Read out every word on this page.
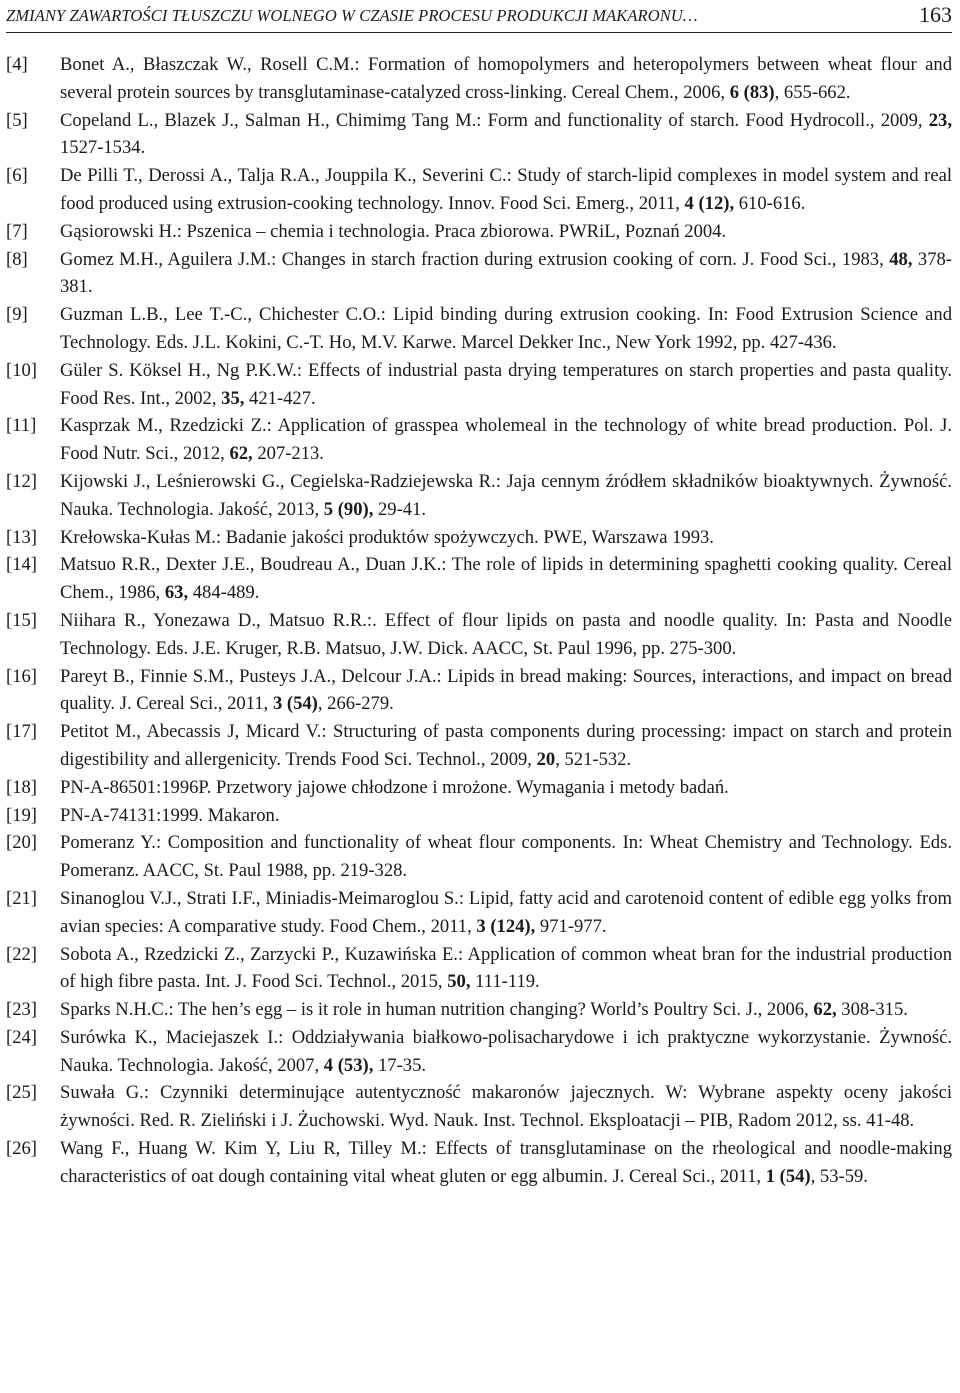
ZMIANY ZAWARTOŚCI TŁUSZCZU WOLNEGO W CZASIE PROCESU PRODUKCJI MAKARONU…	163
[4] Bonet A., Błaszczak W., Rosell C.M.: Formation of homopolymers and heteropolymers between wheat flour and several protein sources by transglutaminase-catalyzed cross-linking. Cereal Chem., 2006, 6 (83), 655-662.
[5] Copeland L., Blazek J., Salman H., Chimimg Tang M.: Form and functionality of starch. Food Hydrocoll., 2009, 23, 1527-1534.
[6] De Pilli T., Derossi A., Talja R.A., Jouppila K., Severini C.: Study of starch-lipid complexes in model system and real food produced using extrusion-cooking technology. Innov. Food Sci. Emerg., 2011, 4 (12), 610-616.
[7] Gąsiorowski H.: Pszenica – chemia i technologia. Praca zbiorowa. PWRiL, Poznań 2004.
[8] Gomez M.H., Aguilera J.M.: Changes in starch fraction during extrusion cooking of corn. J. Food Sci., 1983, 48, 378-381.
[9] Guzman L.B., Lee T.-C., Chichester C.O.: Lipid binding during extrusion cooking. In: Food Extrusion Science and Technology. Eds. J.L. Kokini, C.-T. Ho, M.V. Karwe. Marcel Dekker Inc., New York 1992, pp. 427-436.
[10] Güler S. Köksel H., Ng P.K.W.: Effects of industrial pasta drying temperatures on starch properties and pasta quality. Food Res. Int., 2002, 35, 421-427.
[11] Kasprzak M., Rzedzicki Z.: Application of grasspea wholemeal in the technology of white bread production. Pol. J. Food Nutr. Sci., 2012, 62, 207-213.
[12] Kijowski J., Leśnierowski G., Cegielska-Radziejewska R.: Jaja cennym źródłem składników bioaktywnych. Żywność. Nauka. Technologia. Jakość, 2013, 5 (90), 29-41.
[13] Krełowska-Kułas M.: Badanie jakości produktów spożywczych. PWE, Warszawa 1993.
[14] Matsuo R.R., Dexter J.E., Boudreau A., Duan J.K.: The role of lipids in determining spaghetti cooking quality. Cereal Chem., 1986, 63, 484-489.
[15] Niihara R., Yonezawa D., Matsuo R.R.:. Effect of flour lipids on pasta and noodle quality. In: Pasta and Noodle Technology. Eds. J.E. Kruger, R.B. Matsuo, J.W. Dick. AACC, St. Paul 1996, pp. 275-300.
[16] Pareyt B., Finnie S.M., Pusteys J.A., Delcour J.A.: Lipids in bread making: Sources, interactions, and impact on bread quality. J. Cereal Sci., 2011, 3 (54), 266-279.
[17] Petitot M., Abecassis J, Micard V.: Structuring of pasta components during processing: impact on starch and protein digestibility and allergenicity. Trends Food Sci. Technol., 2009, 20, 521-532.
[18] PN-A-86501:1996P. Przetwory jajowe chłodzone i mrożone. Wymagania i metody badań.
[19] PN-A-74131:1999. Makaron.
[20] Pomeranz Y.: Composition and functionality of wheat flour components. In: Wheat Chemistry and Technology. Eds. Pomeranz. AACC, St. Paul 1988, pp. 219-328.
[21] Sinanoglou V.J., Strati I.F., Miniadis-Meimaroglou S.: Lipid, fatty acid and carotenoid content of edible egg yolks from avian species: A comparative study. Food Chem., 2011, 3 (124), 971-977.
[22] Sobota A., Rzedzicki Z., Zarzycki P., Kuzawińska E.: Application of common wheat bran for the industrial production of high fibre pasta. Int. J. Food Sci. Technol., 2015, 50, 111-119.
[23] Sparks N.H.C.: The hen’s egg – is it role in human nutrition changing? World’s Poultry Sci. J., 2006, 62, 308-315.
[24] Surówka K., Maciejaszek I.: Oddziaływania białkowo-polisacharydowe i ich praktyczne wykorzystanie. Żywność. Nauka. Technologia. Jakość, 2007, 4 (53), 17-35.
[25] Suwała G.: Czynniki determinujące autentyczność makaronów jajecznych. W: Wybrane aspekty oceny jakości żywności. Red. R. Zieliński i J. Żuchowski. Wyd. Nauk. Inst. Technol. Eksploatacji – PIB, Radom 2012, ss. 41-48.
[26] Wang F., Huang W. Kim Y, Liu R, Tilley M.: Effects of transglutaminase on the rheological and noodle-making characteristics of oat dough containing vital wheat gluten or egg albumin. J. Cereal Sci., 2011, 1 (54), 53-59.
